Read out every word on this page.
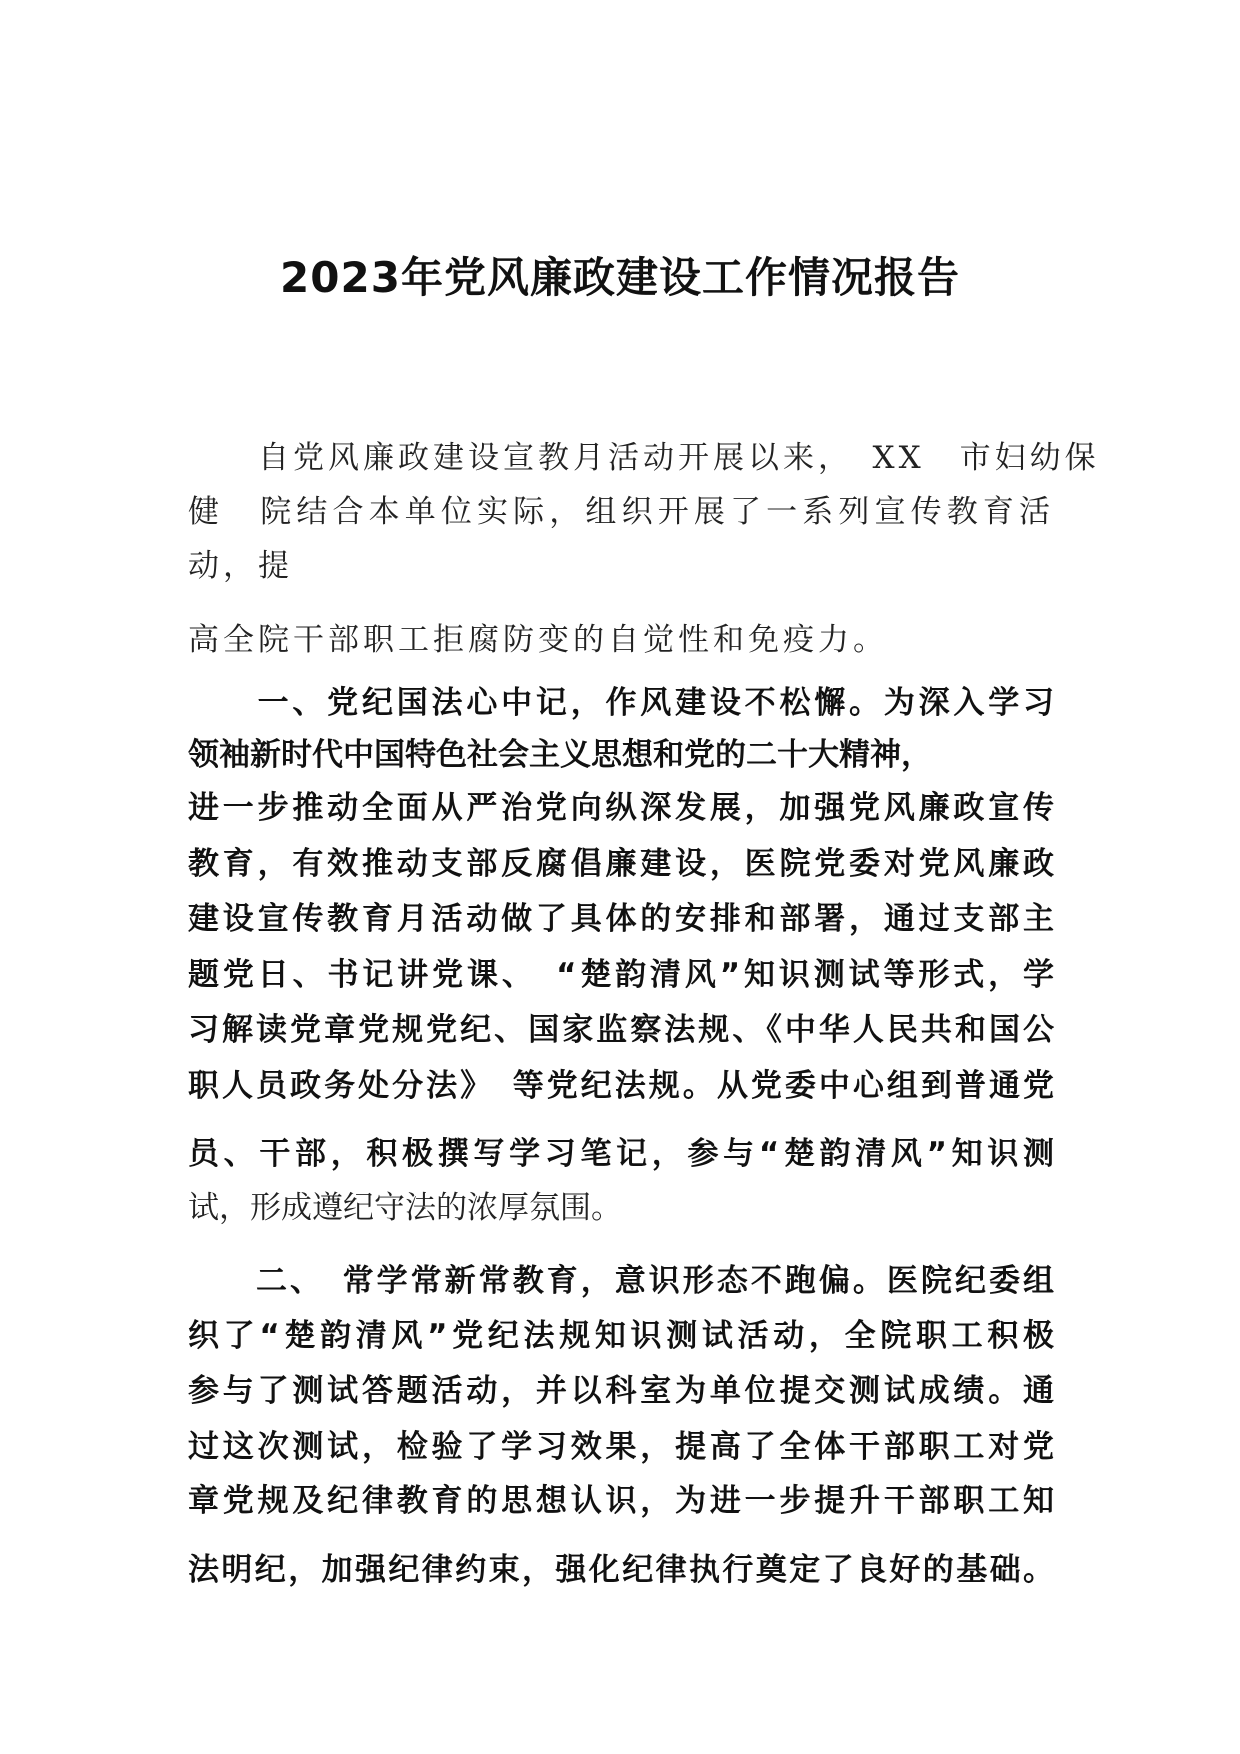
2023年党风廉政建设工作情况报告
　　自党风廉政建设宣教月活动开展以来，　XX　市妇幼保
健　院结合本单位实际，组织开展了一系列宣传教育活
动，提
高全院干部职工拒腐防变的自觉性和免疫力。
　　一、党纪国法心中记，作风建设不松懈。为深入学习
领袖新时代中国特色社会主义思想和党的二十大精神，
进一步推动全面从严治党向纵深发展，加强党风廉政宣传
教育，有效推动支部反腐倡廉建设，医院党委对党风廉政
建设宣传教育月活动做了具体的安排和部署，通过支部主
题党日、书记讲党课、　“楚韵清风”知识测试等形式，学
习解读党章党规党纪、国家监察法规、《中华人民共和国公
职人员政务处分法》　等党纪法规。从党委中心组到普通党
员、干部，积极撰写学习笔记，参与“楚韵清风”知识测
试，形成遵纪守法的浓厚氛围。
　　二、　常学常新常教育，意识形态不跑偏。医院纪委组
织了“楚韵清风”党纪法规知识测试活动，全院职工积极
参与了测试答题活动，并以科室为单位提交测试成绩。通
过这次测试，检验了学习效果，提高了全体干部职工对党
章党规及纪律教育的思想认识，为进一步提升干部职工知
法明纪，加强纪律约束，强化纪律执行奠定了良好的基础。
